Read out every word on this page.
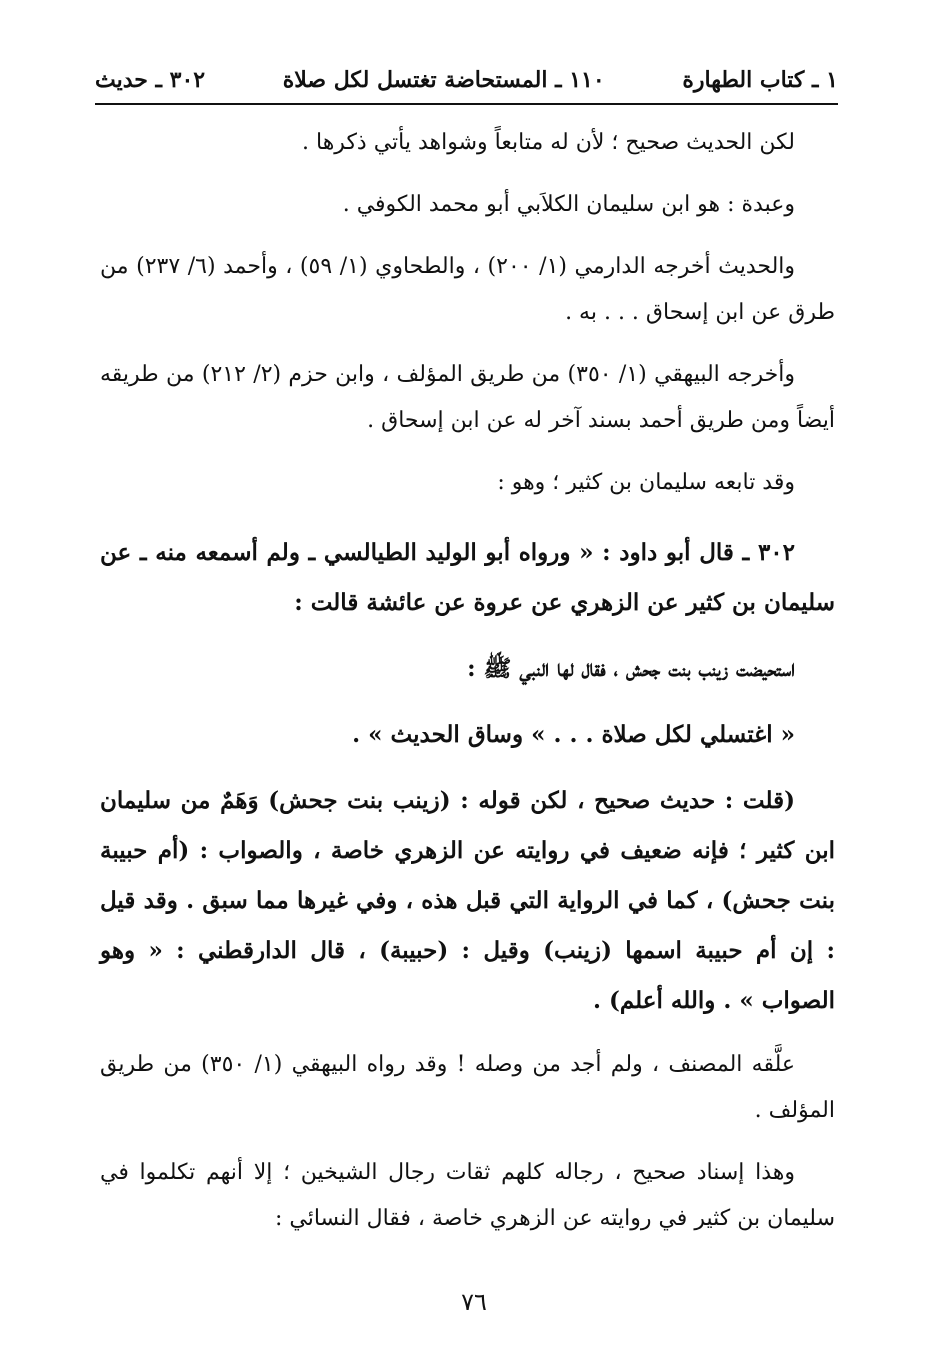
١ ـ كتاب الطهارة
١١٠ ـ المستحاضة تغتسل لكل صلاة
٣٠٢ ـ حديث

لكن الحديث صحيح ؛ لأن له متابعاً وشواهد يأتي ذكرها .

وعبدة : هو ابن سليمان الكلاَبي أبو محمد الكوفي .

والحديث أخرجه الدارمي (١/ ٢٠٠) ، والطحاوي (١/ ٥٩) ، وأحمد (٦/ ٢٣٧) من طرق عن ابن إسحاق . . . به .

وأخرجه البيهقي (١/ ٣٥٠) من طريق المؤلف ، وابن حزم (٢/ ٢١٢) من طريقه أيضاً ومن طريق أحمد بسند آخر له عن ابن إسحاق .

وقد تابعه سليمان بن كثير ؛ وهو :

٣٠٢ ـ قال أبو داود : « ورواه أبو الوليد الطيالسي ـ ولم أسمعه منه ـ عن سليمان بن كثير عن الزهري عن عروة عن عائشة قالت :

استحيضت زينب بنت جحش ، فقال لها النبي ﷺ :

« اغتسلي لكل صلاة . . . » وساق الحديث » .

(قلت : حديث صحيح ، لكن قوله : (زينب بنت جحش) وَهَمٌ من سليمان ابن كثير ؛ فإنه ضعيف في روايته عن الزهري خاصة ، والصواب : (أم حبيبة بنت جحش) ، كما في الرواية التي قبل هذه ، وفي غيرها مما سبق . وقد قيل : إن أم حبيبة اسمها (زينب) وقيل : (حبيبة) ، قال الدارقطني : « وهو الصواب » . والله أعلم) .

علَّقه المصنف ، ولم أجد من وصله ! وقد رواه البيهقي (١/ ٣٥٠) من طريق المؤلف .

وهذا إسناد صحيح ، رجاله كلهم ثقات رجال الشيخين ؛ إلا أنهم تكلموا في سليمان بن كثير في روايته عن الزهري خاصة ، فقال النسائي :

٧٦
